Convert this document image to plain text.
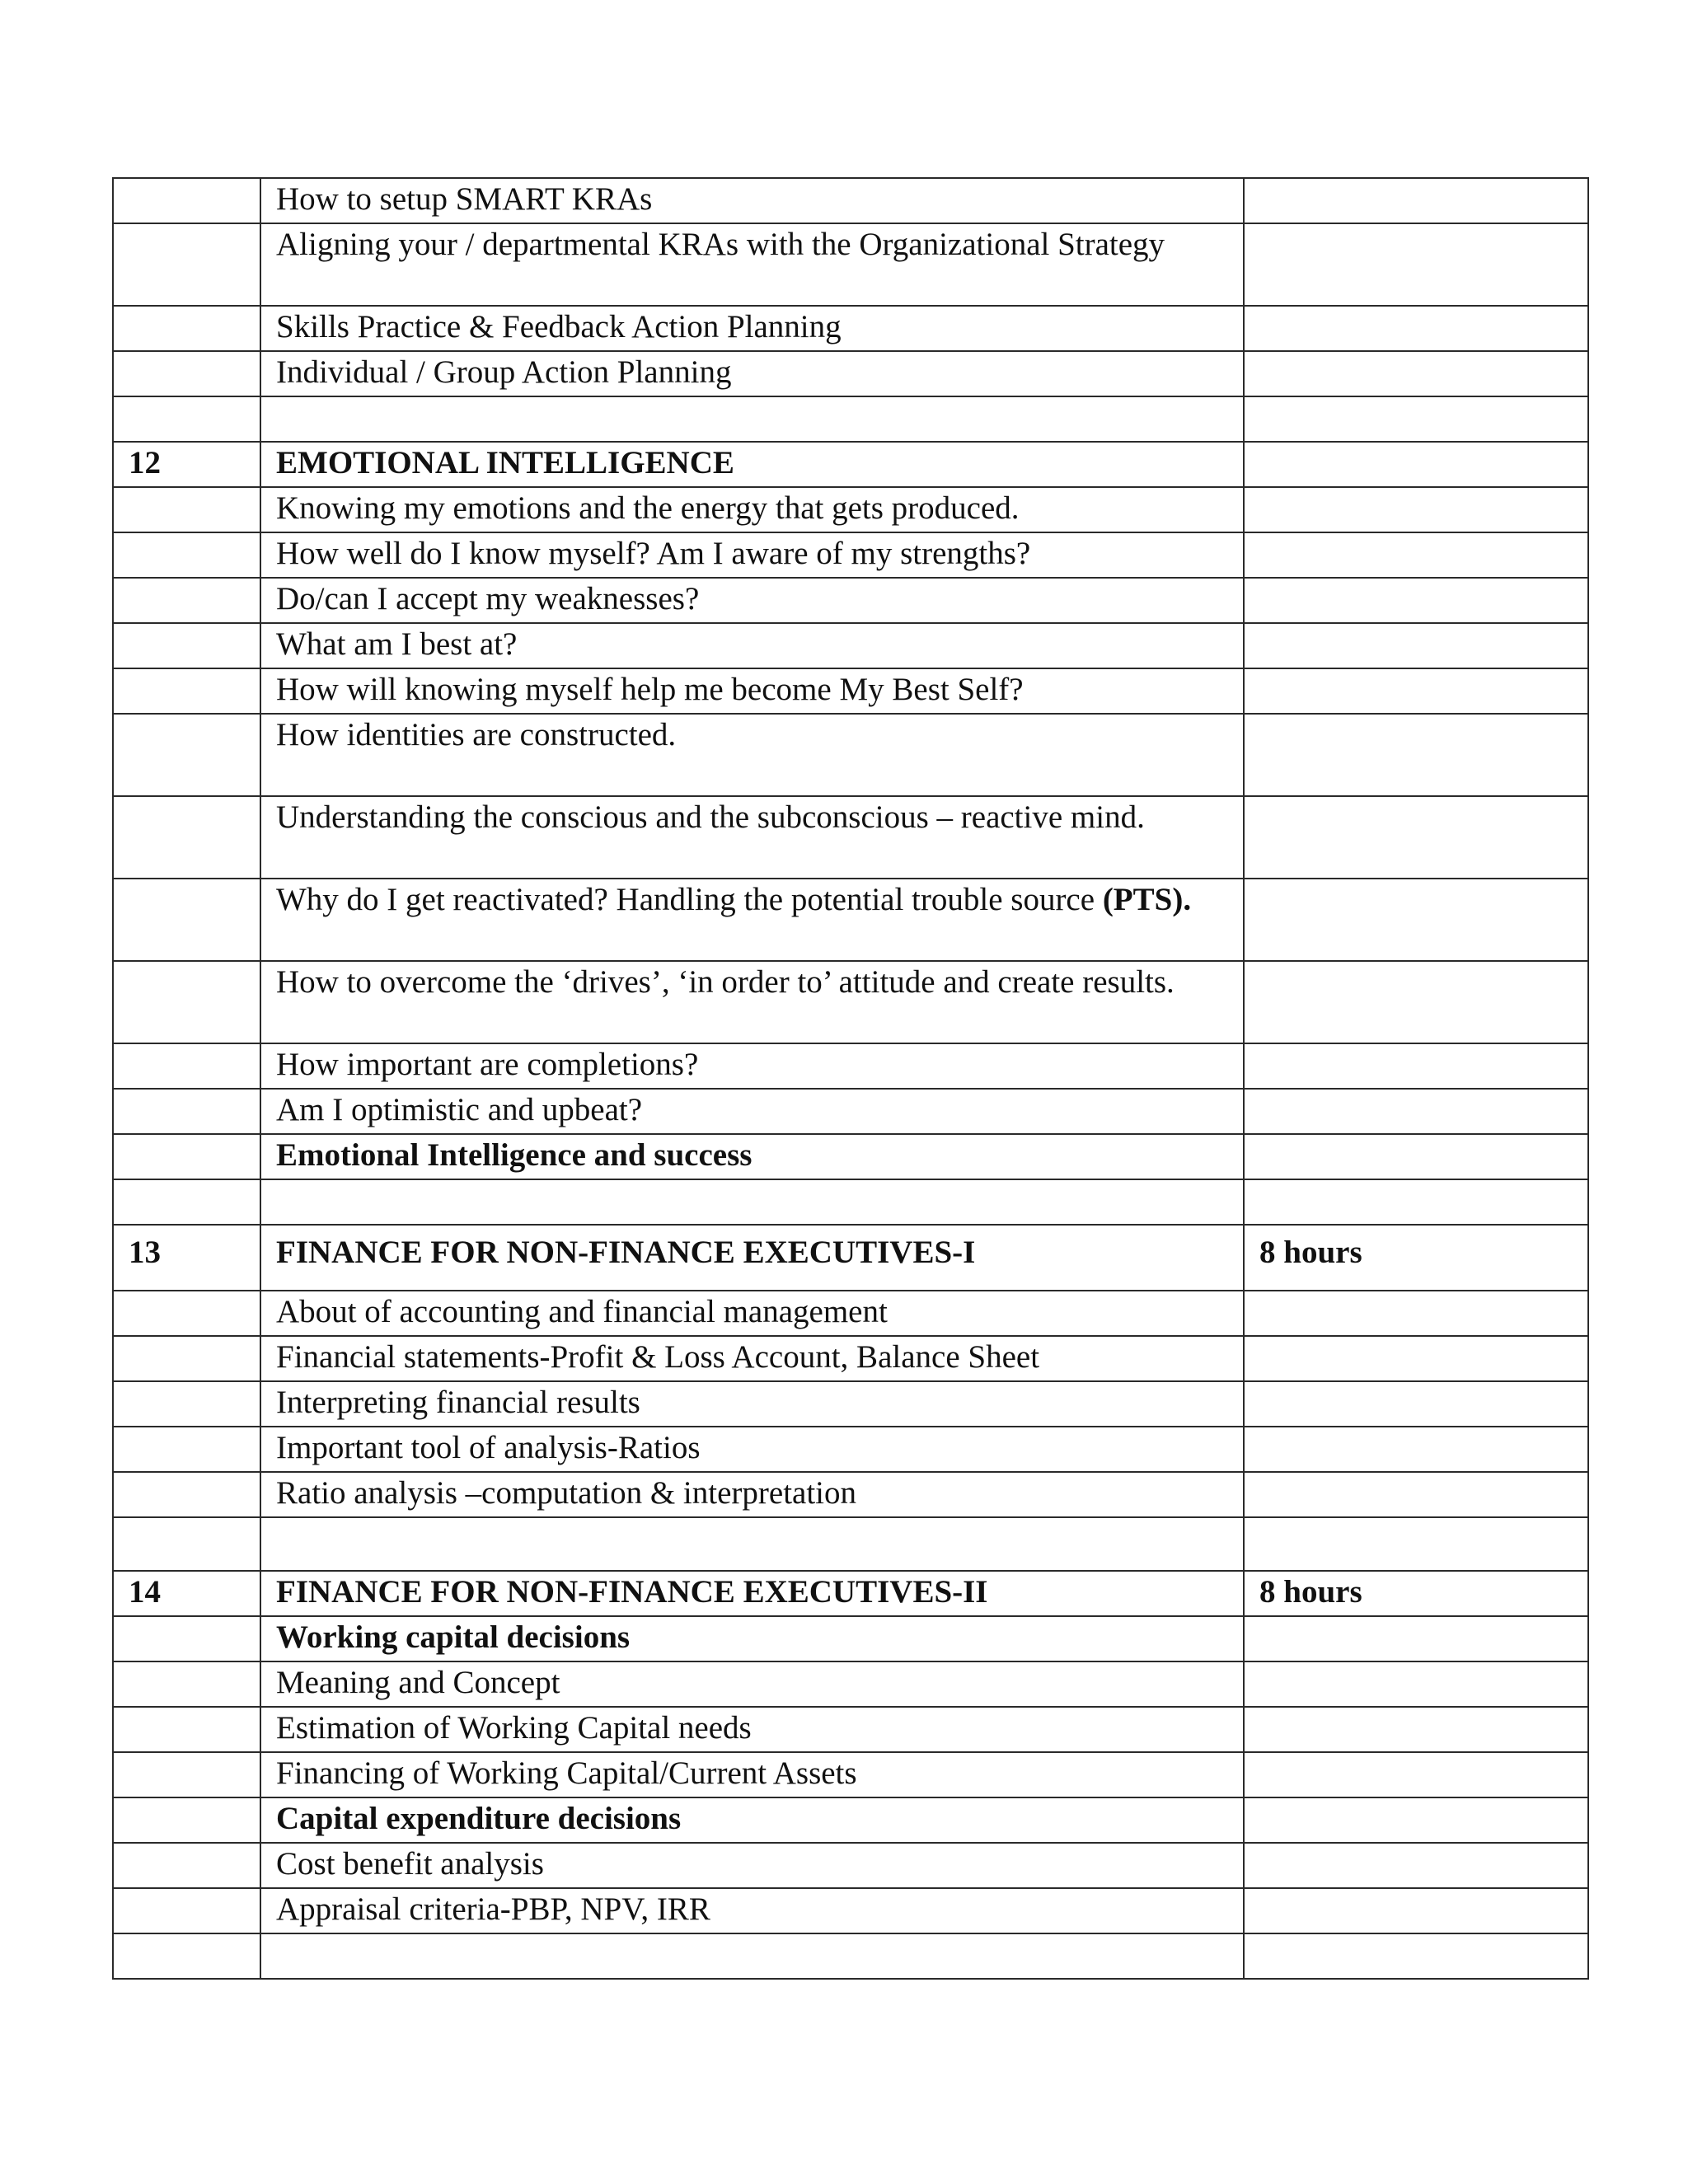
	How to setup SMART KRAs	
	Aligning your / departmental KRAs with the Organizational Strategy	
	Skills Practice & Feedback Action Planning	
	Individual / Group Action Planning	

12	EMOTIONAL INTELLIGENCE	
	Knowing my emotions and the energy that gets produced.	
	How well do I know myself? Am I aware of my strengths?	
	Do/can I accept my weaknesses?	
	What am I best at?	
	How will knowing myself help me become My Best Self?	
	How identities are constructed.	
	Understanding the conscious and the subconscious – reactive mind.	
	Why do I get reactivated? Handling the potential trouble source (PTS).	
	How to overcome the ‘drives’, ‘in order to’ attitude and create results.	
	How important are completions?	
	Am I optimistic and upbeat?	
	Emotional Intelligence and success	

13	FINANCE FOR NON-FINANCE EXECUTIVES-I	8 hours
	About of accounting and financial management	
	Financial statements-Profit & Loss Account, Balance Sheet	
	Interpreting financial results	
	Important tool of analysis-Ratios	
	Ratio analysis –computation & interpretation	

14	FINANCE FOR NON-FINANCE EXECUTIVES-II	8 hours
	Working capital decisions	
	Meaning and Concept	
	Estimation of Working Capital needs	
	Financing of Working Capital/Current Assets	
	Capital expenditure decisions	
	Cost benefit analysis	
	Appraisal criteria-PBP, NPV, IRR	
